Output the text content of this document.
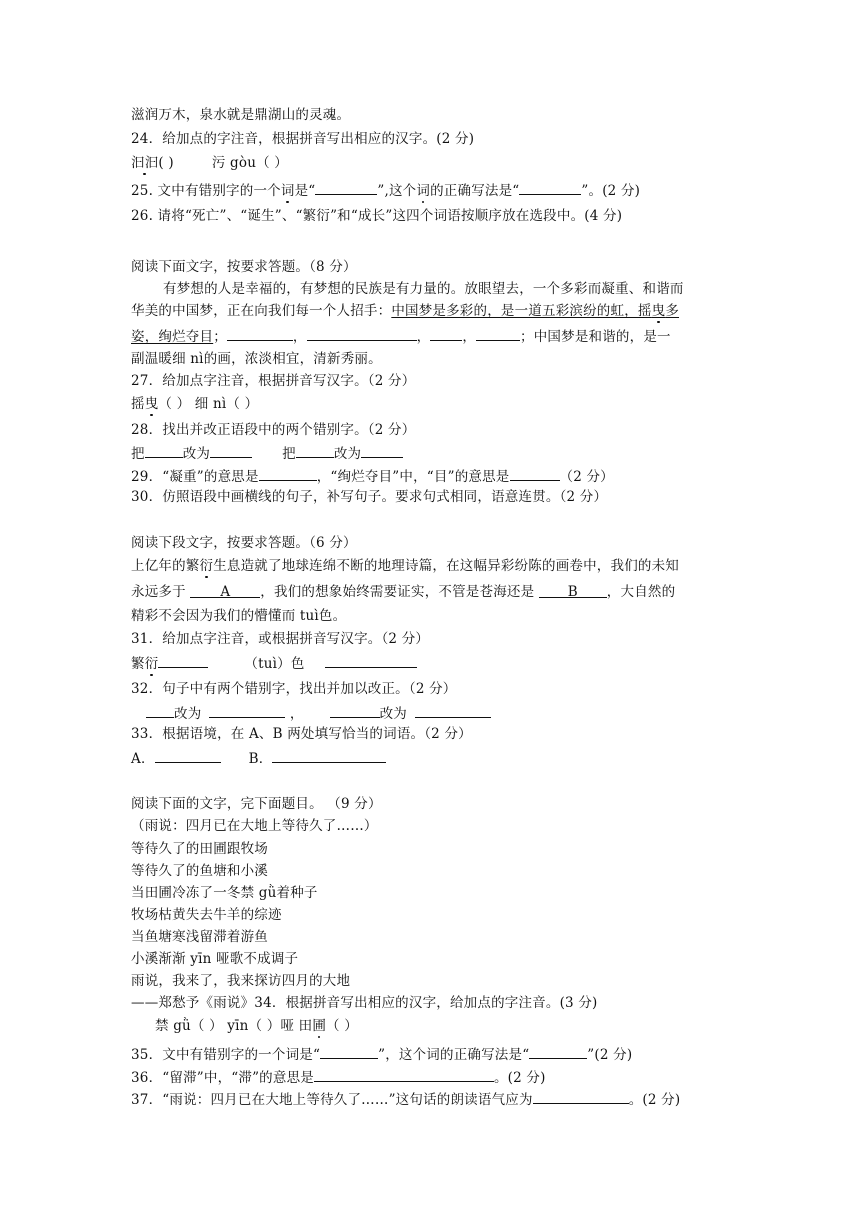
滋润万木，泉水就是鼎湖山的灵魂。
24．给加点的字注音，根据拼音写出相应的汉字。(2 分)
汩汩( )	污 gòu（ ）
25. 文中有错别字的一个词是“	”,这个词的正确写法是“	”。(2 分)
26. 请将“死亡”、“诞生”、“繁衍”和“成长”这四个词语按顺序放在选段中。(4 分)
阅读下面文字，按要求答题。（8 分）
有梦想的人是幸福的，有梦想的民族是有力量的。放眼望去，一个多彩而凝重、和谐而
华美的中国梦，正在向我们每一个人招手：中国梦是多彩的，是一道五彩滨纷的虹，摇曳多
姿，绚烂夺目；	，	， ，	；中国梦是和谐的，是一
副温暖细 nì的画，浓淡相宜，清新秀丽。
27．给加点字注音，根据拼音写汉字。（2 分）
摇曳（ ） 细 nì（ ）
28．找出并改正语段中的两个错别字。（2 分）
把	改为	把	改为
29．“凝重”的意思是	，“绚烂夺目”中，“目”的意思是	（2 分）
30．仿照语段中画横线的句子，补写句子。要求句式相同，语意连贯。（2 分）
阅读下段文字，按要求答题。（6 分）
上亿年的繁衍生息造就了地球连绵不断的地理诗篇，在这幅异彩纷陈的画卷中，我们的未知
永远多于 A ，我们的想象始终需要证实，不管是苍海还是 B ，大自然的
精彩不会因为我们的懵懂而 tuì色。
31．给加点字注音，或根据拼音写汉字。（2 分）
繁衍	（tuì）色
32．句子中有两个错别字，找出并加以改正。（2 分）
改为	，	改为
33．根据语境，在 A、B 两处填写恰当的词语。（2 分）
A．	B．
阅读下面的文字，完下面题目。 （9 分）
（雨说：四月已在大地上等待久了……）
等待久了的田圃跟牧场
等待久了的鱼塘和小溪
当田圃冷冻了一冬禁 gǜ着种子
牧场枯黄失去牛羊的综迹
当鱼塘寒浅留滞着游鱼
小溪渐渐 yīn 哑歌不成调子
雨说，我来了，我来探访四月的大地
——郑愁予《雨说》34．根据拼音写出相应的汉字，给加点的字注音。(3 分)
禁 gǜ（ ） yīn（ ）哑 田圃（ ）
35．文中有错别字的一个词是“	”，这个词的正确写法是“	”(2 分)
36．“留滞”中，“滞”的意思是	。(2 分)
37．“雨说：四月已在大地上等待久了……”这句话的朗读语气应为	。(2 分)
